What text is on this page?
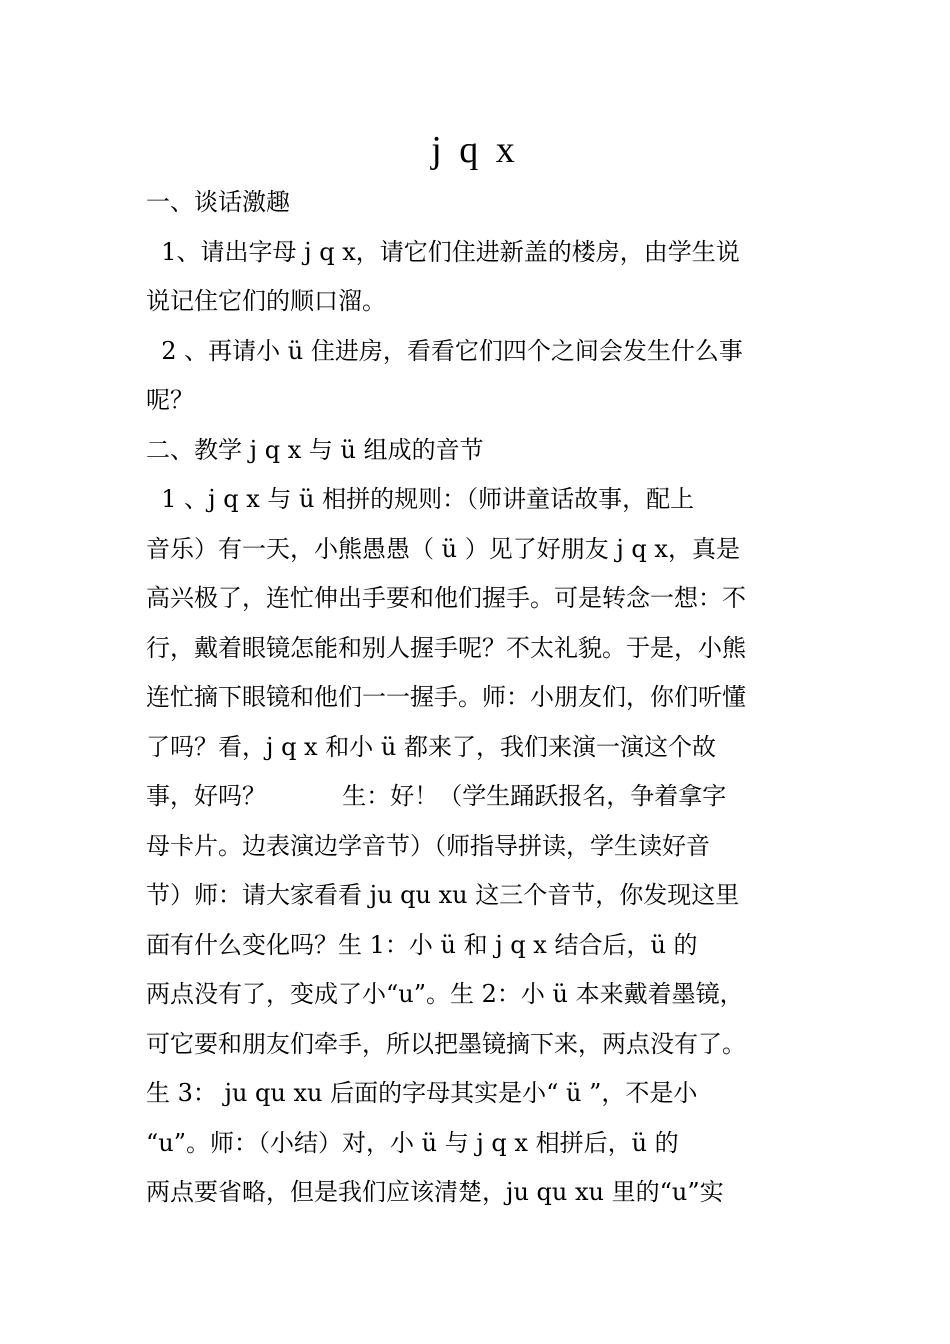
j q x
一、谈话激趣
1、请出字母 j q x，请它们住进新盖的楼房，由学生说
说记住它们的顺口溜。
2 、再请小 ü 住进房，看看它们四个之间会发生什么事
呢？
二、教学 j q x 与 ü 组成的音节
1 、j q x 与 ü 相拼的规则：（师讲童话故事，配上
音乐）有一天，小熊愚愚（ ü ）见了好朋友 j q x，真是
高兴极了，连忙伸出手要和他们握手。可是转念一想：不
行，戴着眼镜怎能和别人握手呢？不太礼貌。于是，小熊
连忙摘下眼镜和他们一一握手。师：小朋友们，你们听懂
了吗？看，j q x 和小 ü 都来了，我们来演一演这个故
事，好吗？          生：好！（学生踊跃报名，争着拿字
母卡片。边表演边学音节）（师指导拼读，学生读好音
节）师：请大家看看 ju qu xu 这三个音节，你发现这里
面有什么变化吗？生 1：小 ü 和 j q x 结合后，ü 的
两点没有了，变成了小“u”。生 2：小 ü 本来戴着墨镜，
可它要和朋友们牵手，所以把墨镜摘下来，两点没有了。
生 3： ju qu xu 后面的字母其实是小“ ü ”，不是小
“u”。师：（小结）对，小 ü 与 j q x 相拼后，ü 的
两点要省略，但是我们应该清楚，ju qu xu 里的“u”实
